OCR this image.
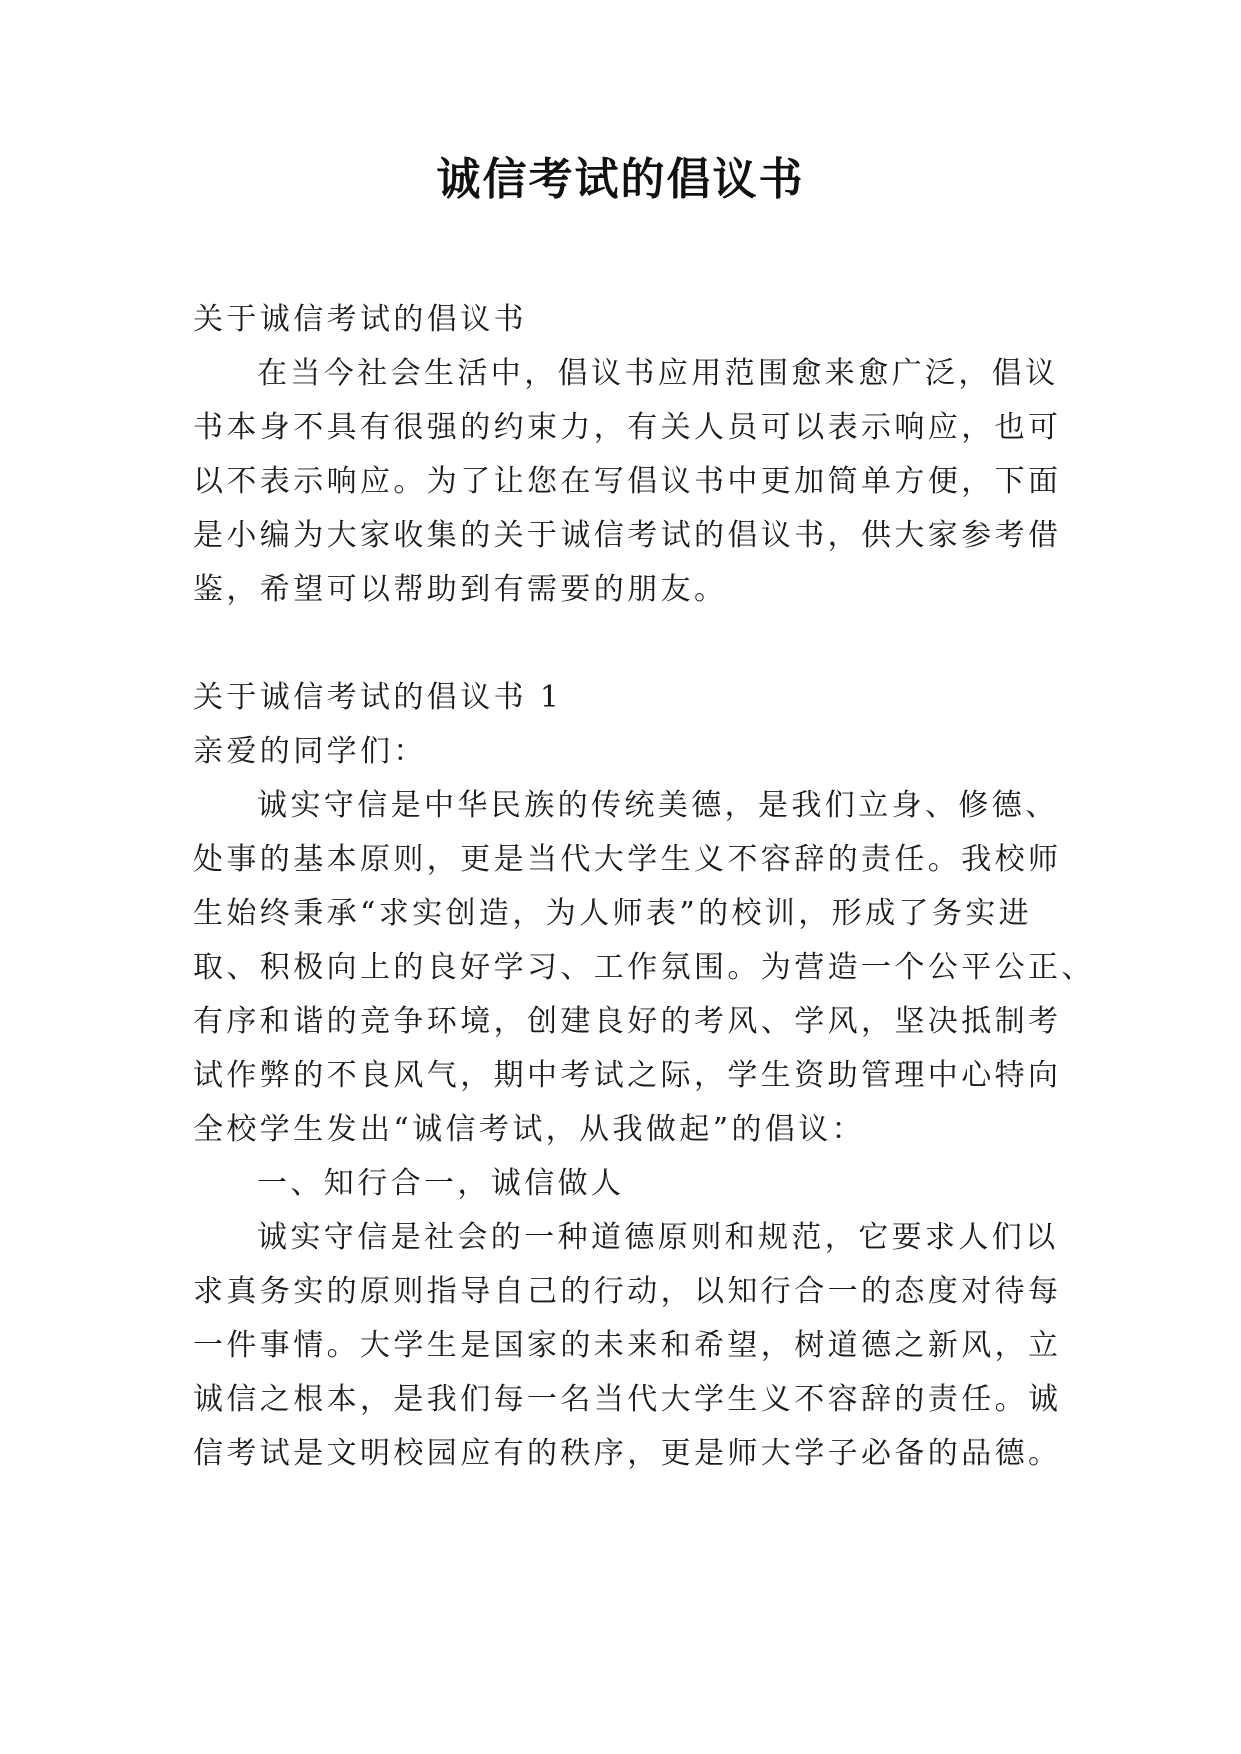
诚信考试的倡议书
关于诚信考试的倡议书
在当今社会生活中，倡议书应用范围愈来愈广泛，倡议
书本身不具有很强的约束力，有关人员可以表示响应，也可
以不表示响应。为了让您在写倡议书中更加简单方便，下面
是小编为大家收集的关于诚信考试的倡议书，供大家参考借
鉴，希望可以帮助到有需要的朋友。
关于诚信考试的倡议书 1
亲爱的同学们：
诚实守信是中华民族的传统美德，是我们立身、修德、
处事的基本原则，更是当代大学生义不容辞的责任。我校师
生始终秉承“求实创造，为人师表”的校训，形成了务实进
取、积极向上的良好学习、工作氛围。为营造一个公平公正、
有序和谐的竞争环境，创建良好的考风、学风，坚决抵制考
试作弊的不良风气，期中考试之际，学生资助管理中心特向
全校学生发出“诚信考试，从我做起”的倡议：
一、知行合一，诚信做人
诚实守信是社会的一种道德原则和规范，它要求人们以
求真务实的原则指导自己的行动，以知行合一的态度对待每
一件事情。大学生是国家的未来和希望，树道德之新风，立
诚信之根本，是我们每一名当代大学生义不容辞的责任。诚
信考试是文明校园应有的秩序，更是师大学子必备的品德。
